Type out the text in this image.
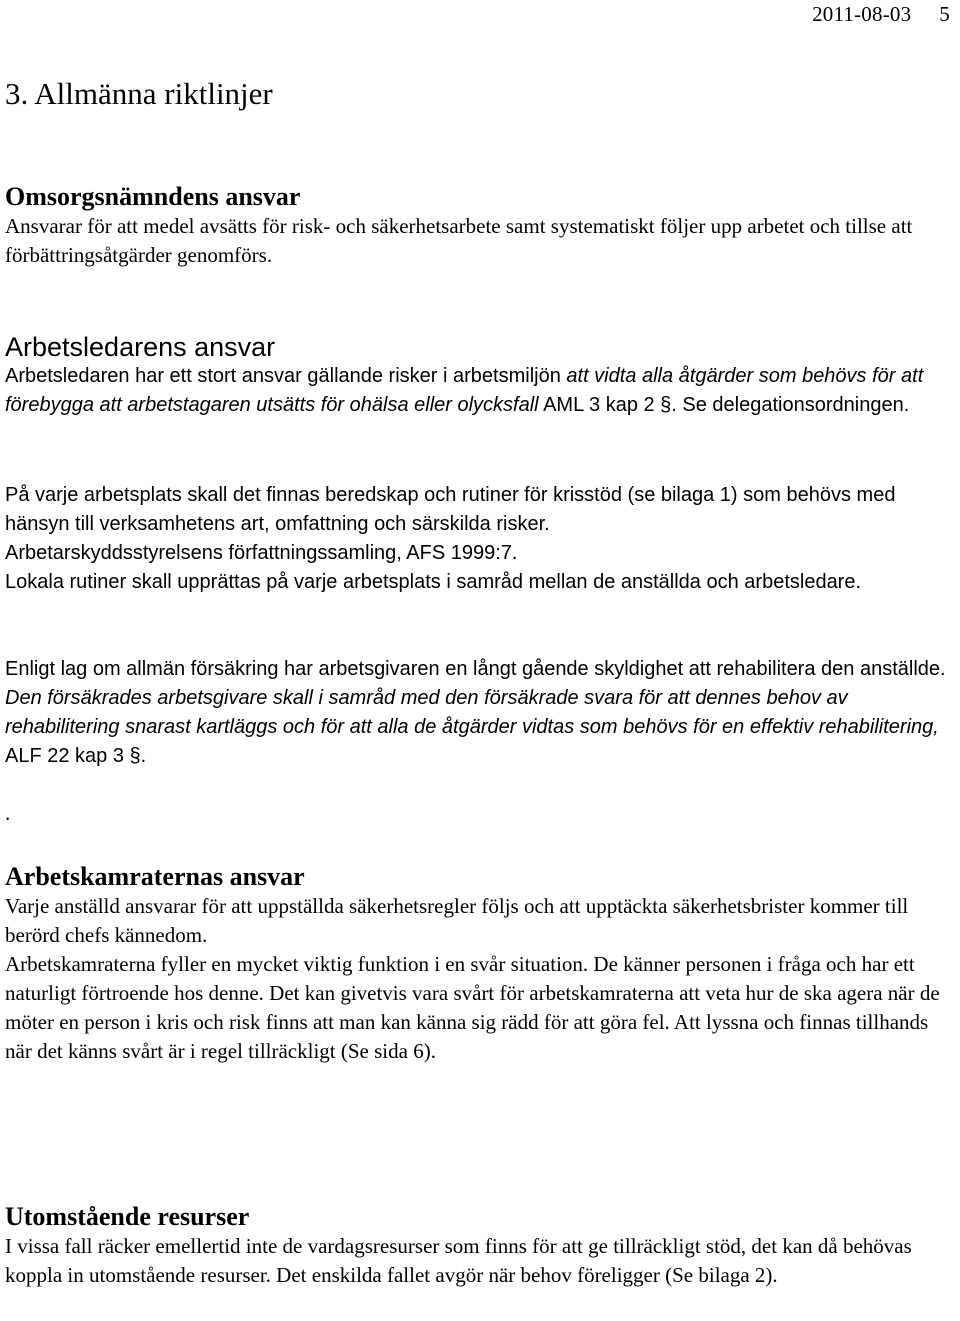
2011-08-03 5
3. Allmänna riktlinjer
Omsorgsnämndens ansvar

Ansvarar för att medel avsätts för risk- och säkerhetsarbete samt systematiskt följer upp arbetet och tillse att förbättringsåtgärder genomförs.

Arbetsledarens ansvar

Arbetsledaren har ett stort ansvar gällande risker i arbetsmiljön att vidta alla åtgärder som behövs för att förebygga att arbetstagaren utsätts för ohälsa eller olycksfall AML 3 kap 2 §. Se delegationsordningen.

På varje arbetsplats skall det finnas beredskap och rutiner för krisstöd (se bilaga 1) som behövs med hänsyn till verksamhetens art, omfattning och särskilda risker.

Arbetarskyddsstyrelsens författningssamling, AFS 1999:7.

Lokala rutiner skall upprättas på varje arbetsplats i samråd mellan de anställda och arbetsledare.

Enligt lag om allmän försäkring har arbetsgivaren en långt gående skyldighet att rehabilitera den anställde. Den försäkrades arbetsgivare skall i samråd med den försäkrade svara för att dennes behov av rehabilitering snarast kartläggs och för att alla de åtgärder vidtas som behövs för en effektiv rehabilitering, ALF 22 kap 3 §.

.
Arbetskamraternas ansvar

Varje anställd ansvarar för att uppställda säkerhetsregler följs och att upptäckta säkerhetsbrister kommer till berörd chefs kännedom.

Arbetskamraterna fyller en mycket viktig funktion i en svår situation. De känner personen i fråga och har ett naturligt förtroende hos denne. Det kan givetvis vara svårt för arbetskamraterna att veta hur de ska agera när de möter en person i kris och risk finns att man kan känna sig rädd för att göra fel. Att lyssna och finnas tillhands när det känns svårt är i regel tillräckligt (Se sida 6).

Utomstående resurser

I vissa fall räcker emellertid inte de vardagsresurser som finns för att ge tillräckligt stöd, det kan då behövas koppla in utomstående resurser. Det enskilda fallet avgör när behov föreligger (Se bilaga 2).
